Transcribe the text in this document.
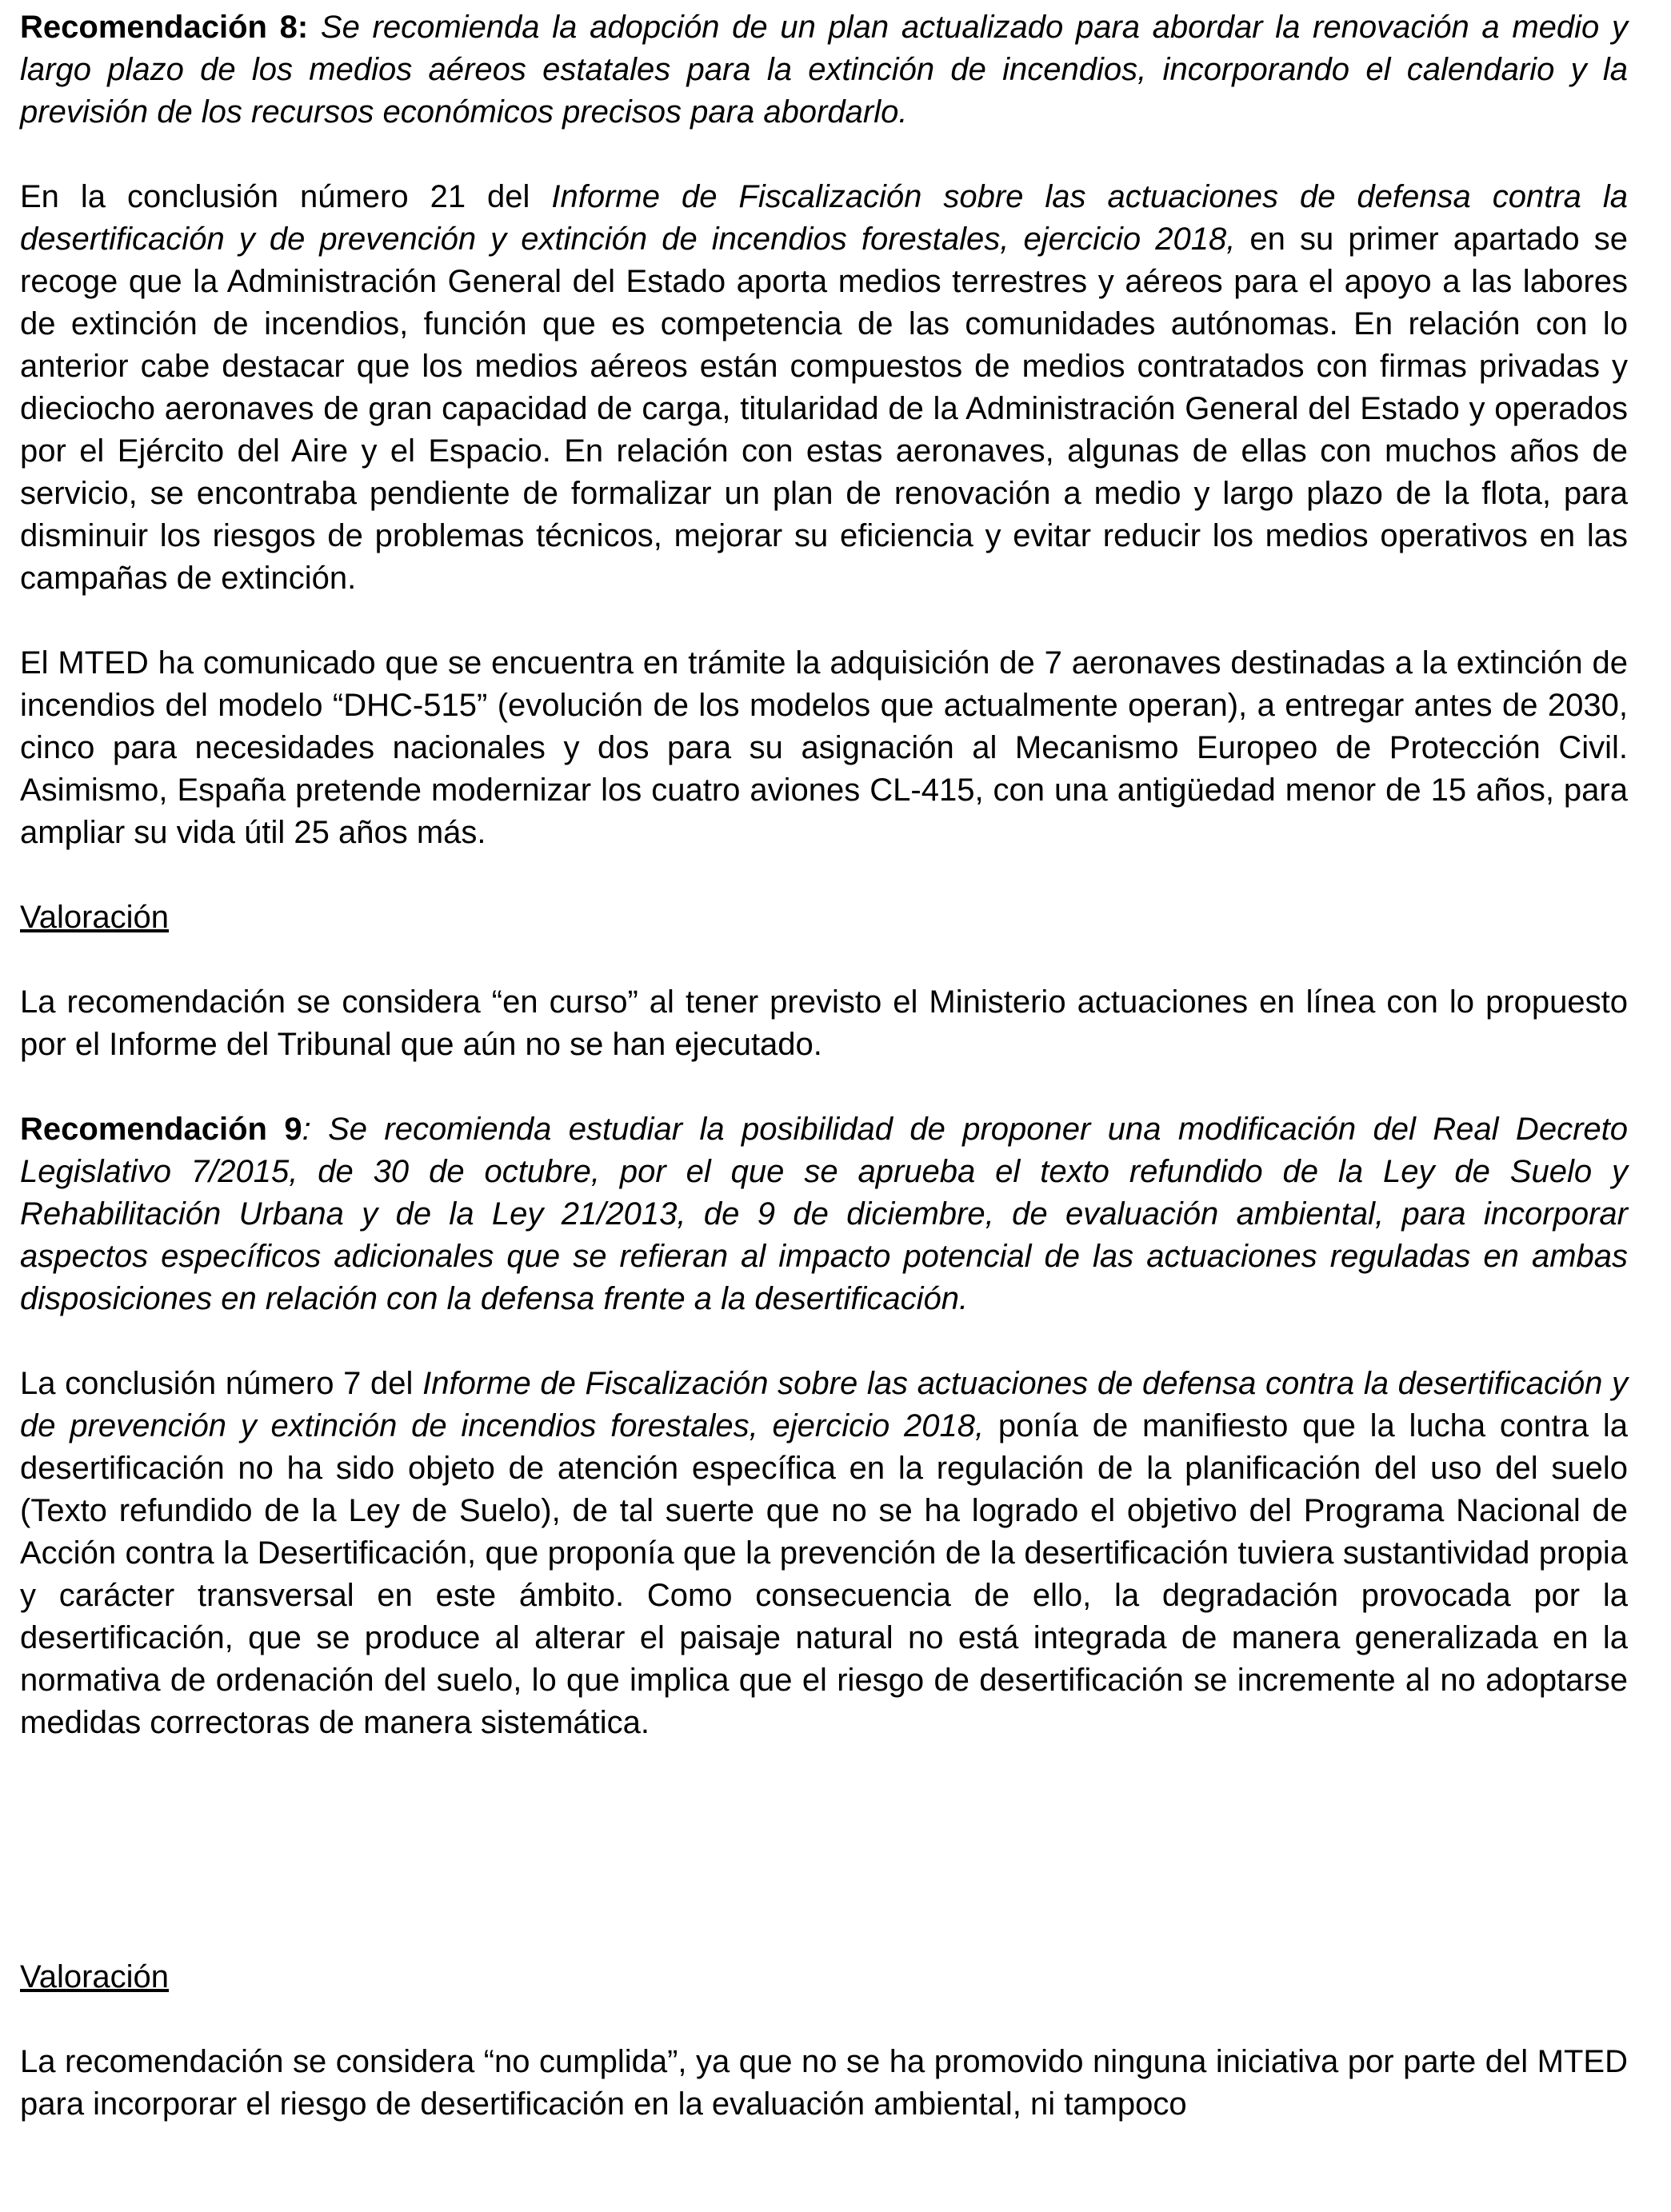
Recomendación 8: Se recomienda la adopción de un plan actualizado para abordar la renovación a medio y largo plazo de los medios aéreos estatales para la extinción de incendios, incorporando el calendario y la previsión de los recursos económicos precisos para abordarlo.

En la conclusión número 21 del Informe de Fiscalización sobre las actuaciones de defensa contra la desertificación y de prevención y extinción de incendios forestales, ejercicio 2018, en su primer apartado se recoge que la Administración General del Estado aporta medios terrestres y aéreos para el apoyo a las labores de extinción de incendios, función que es competencia de las comunidades autónomas. En relación con lo anterior cabe destacar que los medios aéreos están compuestos de medios contratados con firmas privadas y dieciocho aeronaves de gran capacidad de carga, titularidad de la Administración General del Estado y operados por el Ejército del Aire y el Espacio. En relación con estas aeronaves, algunas de ellas con muchos años de servicio, se encontraba pendiente de formalizar un plan de renovación a medio y largo plazo de la flota, para disminuir los riesgos de problemas técnicos, mejorar su eficiencia y evitar reducir los medios operativos en las campañas de extinción.

El MTED ha comunicado que se encuentra en trámite la adquisición de 7 aeronaves destinadas a la extinción de incendios del modelo “DHC-515” (evolución de los modelos que actualmente operan), a entregar antes de 2030, cinco para necesidades nacionales y dos para su asignación al Mecanismo Europeo de Protección Civil. Asimismo, España pretende modernizar los cuatro aviones CL-415, con una antigüedad menor de 15 años, para ampliar su vida útil 25 años más.

Valoración

La recomendación se considera “en curso” al tener previsto el Ministerio actuaciones en línea con lo propuesto por el Informe del Tribunal que aún no se han ejecutado.

Recomendación 9: Se recomienda estudiar la posibilidad de proponer una modificación del Real Decreto Legislativo 7/2015, de 30 de octubre, por el que se aprueba el texto refundido de la Ley de Suelo y Rehabilitación Urbana y de la Ley 21/2013, de 9 de diciembre, de evaluación ambiental, para incorporar aspectos específicos adicionales que se refieran al impacto potencial de las actuaciones reguladas en ambas disposiciones en relación con la defensa frente a la desertificación.

La conclusión número 7 del Informe de Fiscalización sobre las actuaciones de defensa contra la desertificación y de prevención y extinción de incendios forestales, ejercicio 2018, ponía de manifiesto que la lucha contra la desertificación no ha sido objeto de atención específica en la regulación de la planificación del uso del suelo (Texto refundido de la Ley de Suelo), de tal suerte que no se ha logrado el objetivo del Programa Nacional de Acción contra la Desertificación, que proponía que la prevención de la desertificación tuviera sustantividad propia y carácter transversal en este ámbito. Como consecuencia de ello, la degradación provocada por la desertificación, que se produce al alterar el paisaje natural no está integrada de manera generalizada en la normativa de ordenación del suelo, lo que implica que el riesgo de desertificación se incremente al no adoptarse medidas correctoras de manera sistemática.

Valoración

La recomendación se considera “no cumplida”, ya que no se ha promovido ninguna iniciativa por parte del MTED para incorporar el riesgo de desertificación en la evaluación ambiental, ni tampoco
